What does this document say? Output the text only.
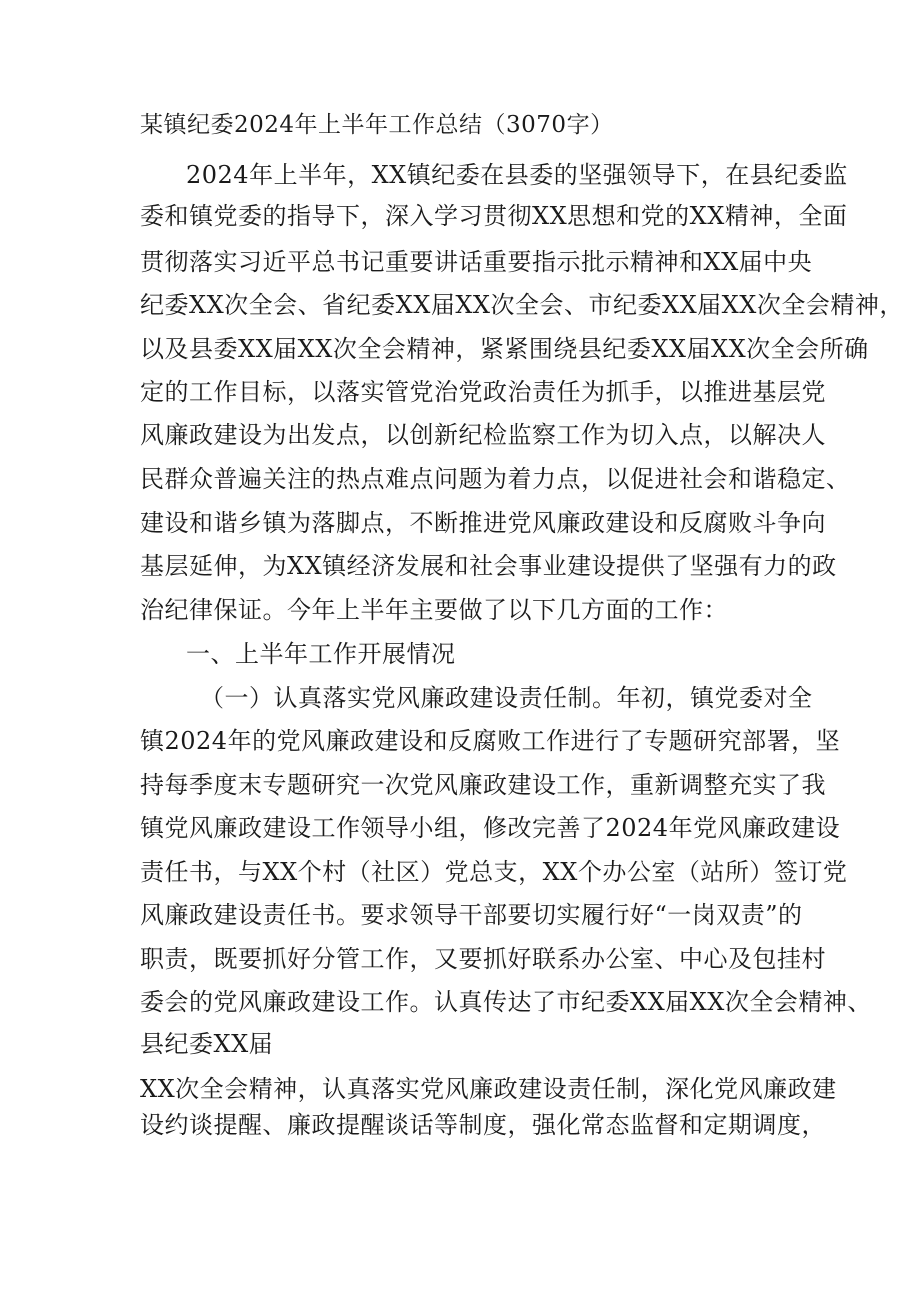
某镇纪委2024年上半年工作总结（3070字）
2024年上半年，XX镇纪委在县委的坚强领导下，在县纪委监
委和镇党委的指导下，深入学习贯彻XX思想和党的XX精神，全面
贯彻落实习近平总书记重要讲话重要指示批示精神和XX届中央
纪委XX次全会、省纪委XX届XX次全会、市纪委XX届XX次全会精神，
以及县委XX届XX次全会精神，紧紧围绕县纪委XX届XX次全会所确
定的工作目标，以落实管党治党政治责任为抓手，以推进基层党
风廉政建设为出发点，以创新纪检监察工作为切入点，以解决人
民群众普遍关注的热点难点问题为着力点，以促进社会和谐稳定、
建设和谐乡镇为落脚点，不断推进党风廉政建设和反腐败斗争向
基层延伸，为XX镇经济发展和社会事业建设提供了坚强有力的政
治纪律保证。今年上半年主要做了以下几方面的工作：
一、上半年工作开展情况
（一）认真落实党风廉政建设责任制。年初，镇党委对全
镇2024年的党风廉政建设和反腐败工作进行了专题研究部署，坚
持每季度末专题研究一次党风廉政建设工作，重新调整充实了我
镇党风廉政建设工作领导小组，修改完善了2024年党风廉政建设
责任书，与XX个村（社区）党总支，XX个办公室（站所）签订党
风廉政建设责任书。要求领导干部要切实履行好“一岗双责”的
职责，既要抓好分管工作，又要抓好联系办公室、中心及包挂村
委会的党风廉政建设工作。认真传达了市纪委XX届XX次全会精神、
县纪委XX届
XX次全会精神，认真落实党风廉政建设责任制，深化党风廉政建
设约谈提醒、廉政提醒谈话等制度，强化常态监督和定期调度，
